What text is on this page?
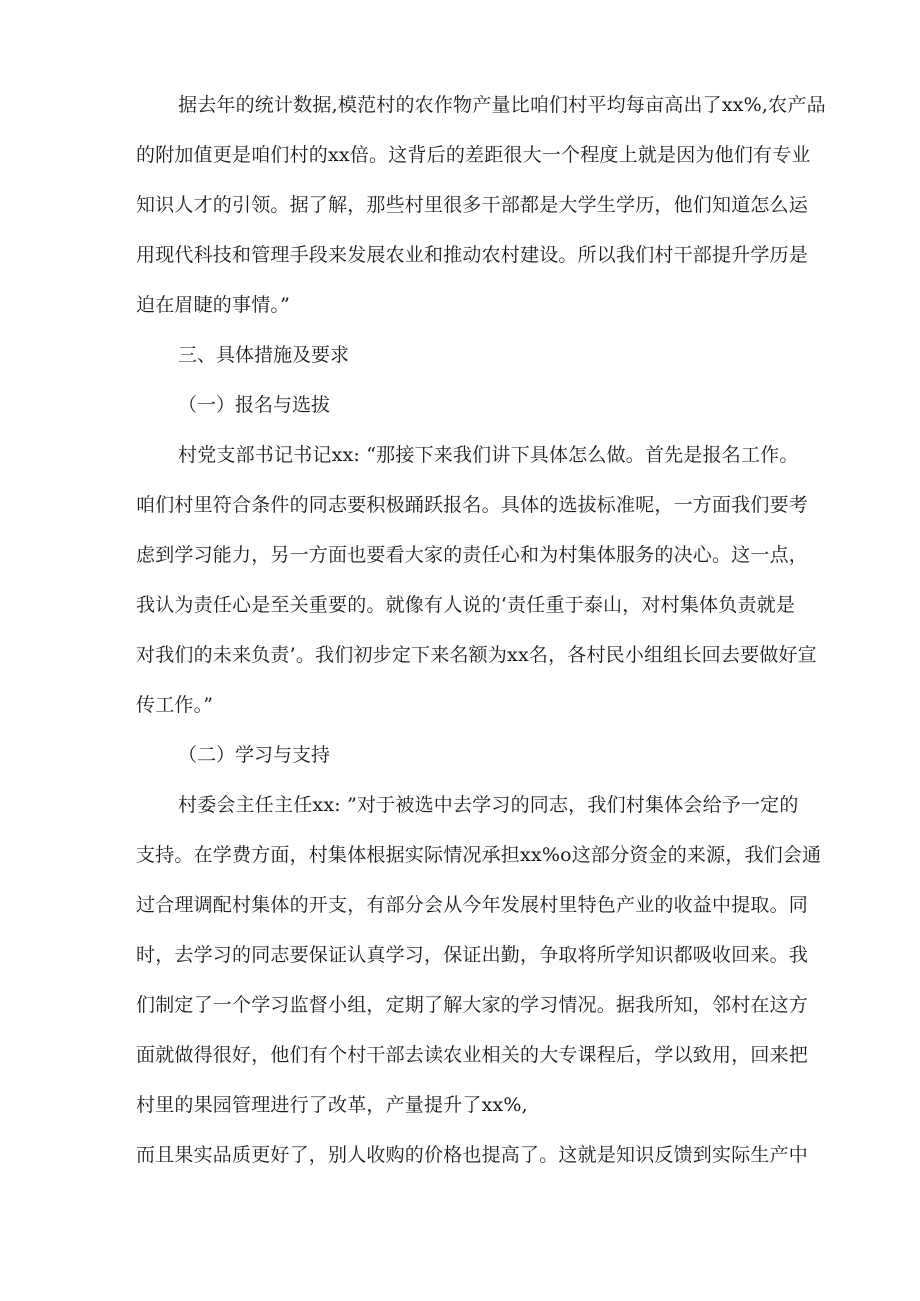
据去年的统计数据,模范村的农作物产量比咱们村平均每亩高出了xx%,农产品
的附加值更是咱们村的xx倍。这背后的差距很大一个程度上就是因为他们有专业
知识人才的引领。据了解，那些村里很多干部都是大学生学历，他们知道怎么运
用现代科技和管理手段来发展农业和推动农村建设。所以我们村干部提升学历是
迫在眉睫的事情。”
三、具体措施及要求
（一）报名与选拔
村党支部书记书记xx: “那接下来我们讲下具体怎么做。首先是报名工作。
咱们村里符合条件的同志要积极踊跃报名。具体的选拔标准呢，一方面我们要考
虑到学习能力，另一方面也要看大家的责任心和为村集体服务的决心。这一点，
我认为责任心是至关重要的。就像有人说的‘责任重于泰山，对村集体负责就是
对我们的未来负责’。我们初步定下来名额为xx名，各村民小组组长回去要做好宣
传工作。”
（二）学习与支持
村委会主任主任xx: ”对于被选中去学习的同志，我们村集体会给予一定的
支持。在学费方面，村集体根据实际情况承担xx%o这部分资金的来源，我们会通
过合理调配村集体的开支，有部分会从今年发展村里特色产业的收益中提取。同
时，去学习的同志要保证认真学习，保证出勤，争取将所学知识都吸收回来。我
们制定了一个学习监督小组，定期了解大家的学习情况。据我所知，邻村在这方
面就做得很好，他们有个村干部去读农业相关的大专课程后，学以致用，回来把
村里的果园管理进行了改革，产量提升了xx%,
而且果实品质更好了，别人收购的价格也提高了。这就是知识反馈到实际生产中
